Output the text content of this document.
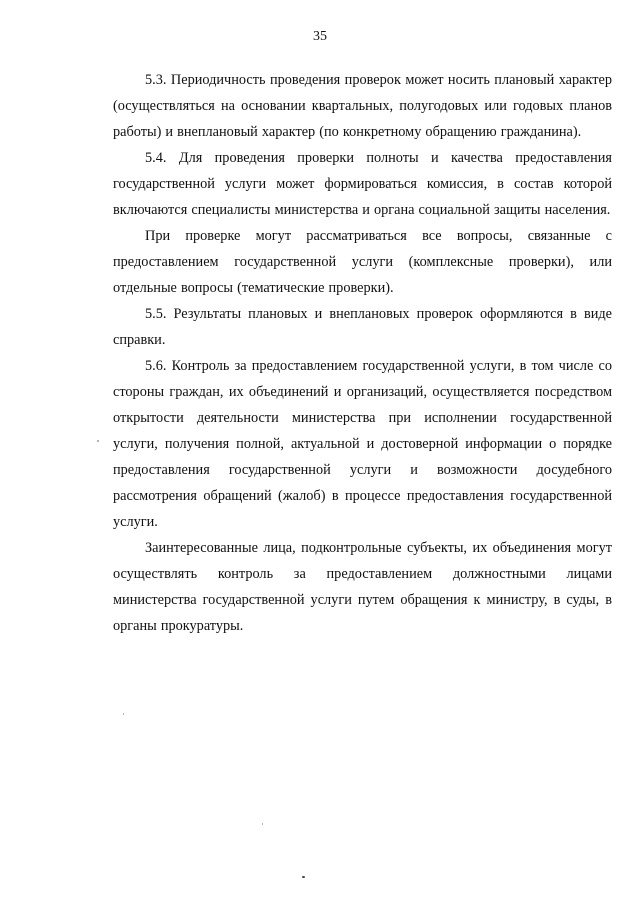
35

5.3. Периодичность проведения проверок может носить плановый характер (осуществляться на основании квартальных, полугодовых или годовых планов работы) и внеплановый характер (по конкретному обращению гражданина).

5.4. Для проведения проверки полноты и качества предоставления государственной услуги может формироваться комиссия, в состав которой включаются специалисты министерства и органа социальной защиты населения.

При проверке могут рассматриваться все вопросы, связанные с предоставлением государственной услуги (комплексные проверки), или отдельные вопросы (тематические проверки).

5.5. Результаты плановых и внеплановых проверок оформляются в виде справки.

5.6. Контроль за предоставлением государственной услуги, в том числе со стороны граждан, их объединений и организаций, осуществляется посредством открытости деятельности министерства при исполнении государственной услуги, получения полной, актуальной и достоверной информации о порядке предоставления государственной услуги и возможности досудебного рассмотрения обращений (жалоб) в процессе предоставления государственной услуги.

Заинтересованные лица, подконтрольные субъекты, их объединения могут осуществлять контроль за предоставлением должностными лицами министерства государственной услуги путем обращения к министру, в суды, в органы прокуратуры.
